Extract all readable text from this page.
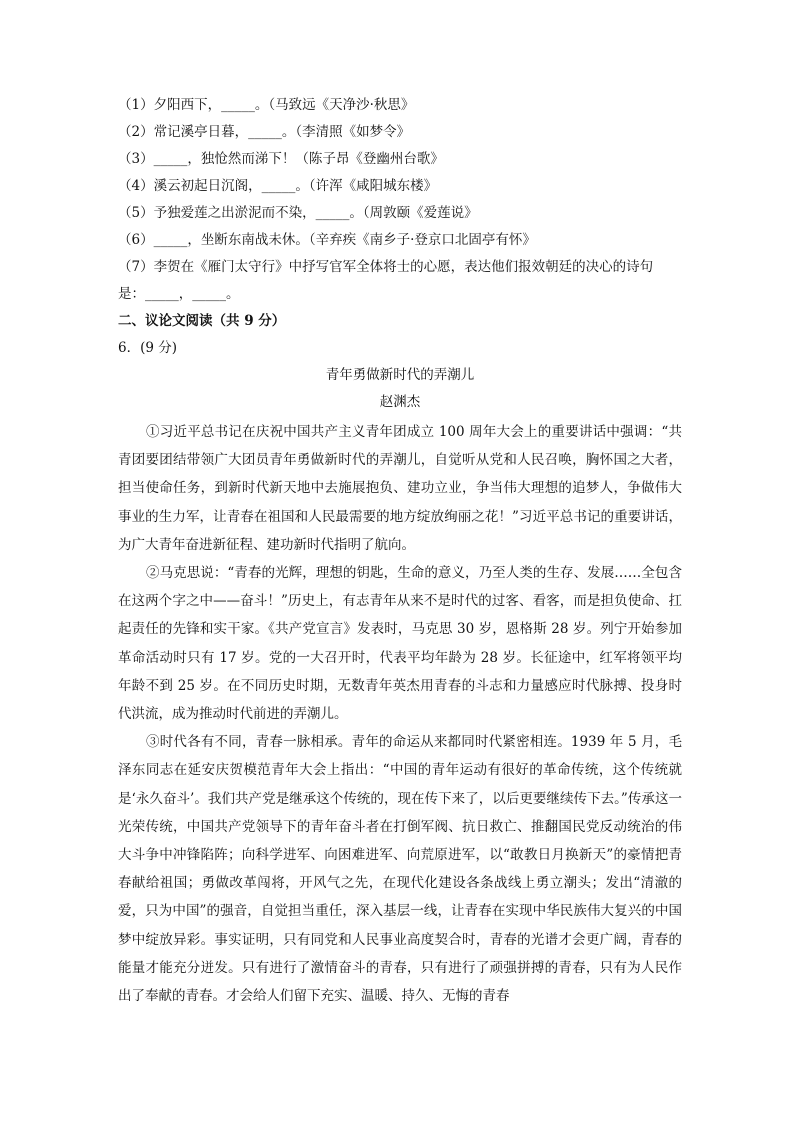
（1）夕阳西下，_____。（马致远《天净沙·秋思》
（2）常记溪亭日暮，_____。（李清照《如梦令》
（3）_____，独怆然而涕下！（陈子昂《登幽州台歌》
（4）溪云初起日沉阁，_____。（许浑《咸阳城东楼》
（5）予独爱莲之出淤泥而不染，_____。（周敦颐《爱莲说》
（6）_____，坐断东南战未休。（辛弃疾《南乡子·登京口北固亭有怀》
（7）李贺在《雁门太守行》中抒写官军全体将士的心愿，表达他们报效朝廷的决心的诗句
是：_____，_____。
二、议论文阅读（共 9 分）
6．(9 分)
青年勇做新时代的弄潮儿
赵渊杰

①习近平总书记在庆祝中国共产主义青年团成立 100 周年大会上的重要讲话中强调：“共青团要团结带领广大团员青年勇做新时代的弄潮儿，自觉听从党和人民召唤，胸怀国之大者，担当使命任务，到新时代新天地中去施展抱负、建功立业，争当伟大理想的追梦人，争做伟大事业的生力军，让青春在祖国和人民最需要的地方绽放绚丽之花！”习近平总书记的重要讲话，为广大青年奋进新征程、建功新时代指明了航向。

②马克思说：“青春的光辉，理想的钥匙，生命的意义，乃至人类的生存、发展……全包含在这两个字之中——奋斗！”历史上，有志青年从来不是时代的过客、看客，而是担负使命、扛起责任的先锋和实干家。《共产党宣言》发表时，马克思 30 岁，恩格斯 28 岁。列宁开始参加革命活动时只有 17 岁。党的一大召开时，代表平均年龄为 28 岁。长征途中，红军将领平均年龄不到 25 岁。在不同历史时期，无数青年英杰用青春的斗志和力量感应时代脉搏、投身时代洪流，成为推动时代前进的弄潮儿。

③时代各有不同，青春一脉相承。青年的命运从来都同时代紧密相连。1939 年 5 月，毛泽东同志在延安庆贺模范青年大会上指出：“中国的青年运动有很好的革命传统，这个传统就是‘永久奋斗’。我们共产党是继承这个传统的，现在传下来了，以后更要继续传下去。”传承这一光荣传统，中国共产党领导下的青年奋斗者在打倒军阀、抗日救亡、推翻国民党反动统治的伟大斗争中冲锋陷阵；向科学进军、向困难进军、向荒原进军，以“敢教日月换新天”的豪情把青春献给祖国；勇做改革闯将，开风气之先，在现代化建设各条战线上勇立潮头；发出“清澈的爱，只为中国”的强音，自觉担当重任，深入基层一线，让青春在实现中华民族伟大复兴的中国梦中绽放异彩。事实证明，只有同党和人民事业高度契合时，青春的光谱才会更广阔，青春的能量才能充分迸发。只有进行了激情奋斗的青春，只有进行了顽强拼搏的青春，只有为人民作出了奉献的青春。才会给人们留下充实、温暖、持久、无悔的青春
